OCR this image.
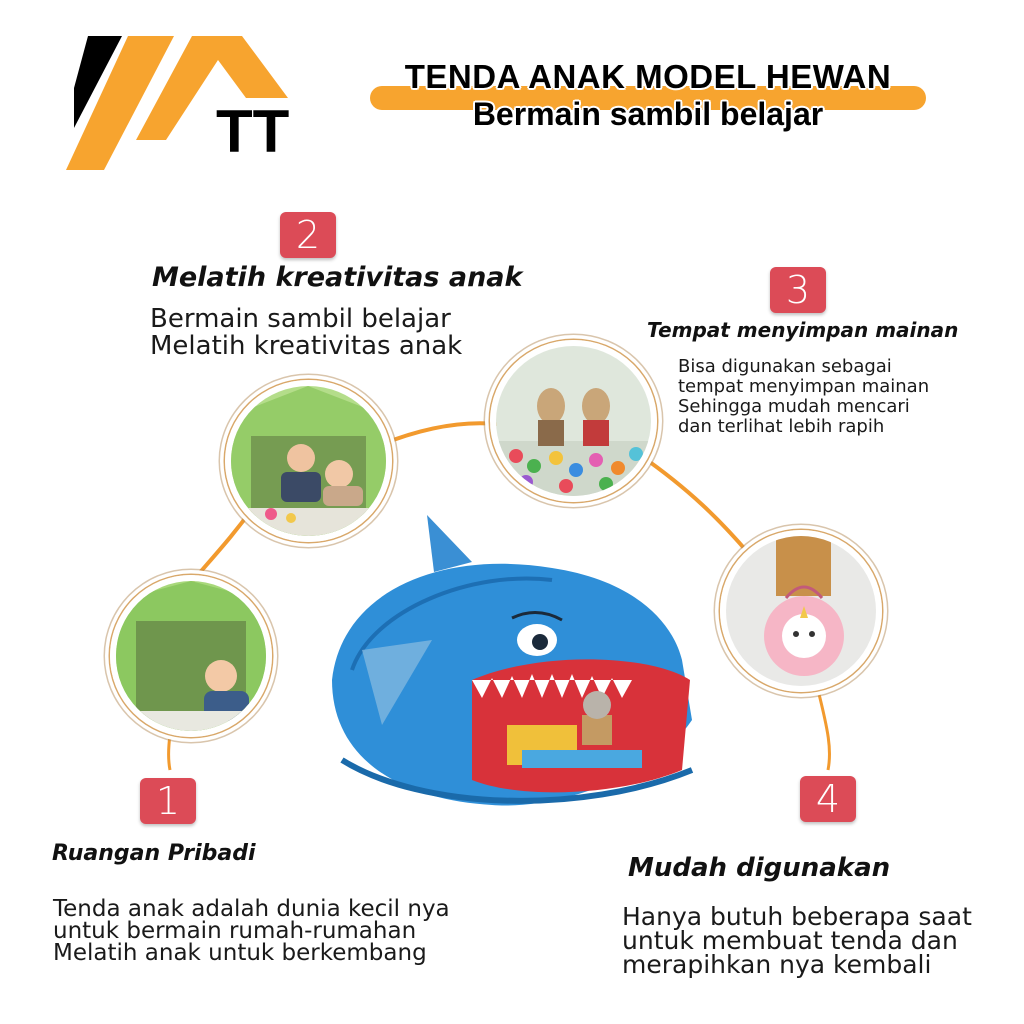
TT
TENDA ANAK MODEL HEWAN
Bermain sambil belajar
2
Melatih kreativitas anak
Bermain sambil belajar
Melatih kreativitas anak
3
Tempat menyimpan mainan
Bisa digunakan sebagai
tempat menyimpan mainan
Sehingga mudah mencari
dan terlihat lebih rapih
1
Ruangan Pribadi
Tenda anak adalah dunia kecil nya
untuk bermain rumah-rumahan
Melatih anak untuk berkembang
4
Mudah digunakan
Hanya butuh beberapa saat
untuk membuat tenda dan
merapihkan nya kembali
